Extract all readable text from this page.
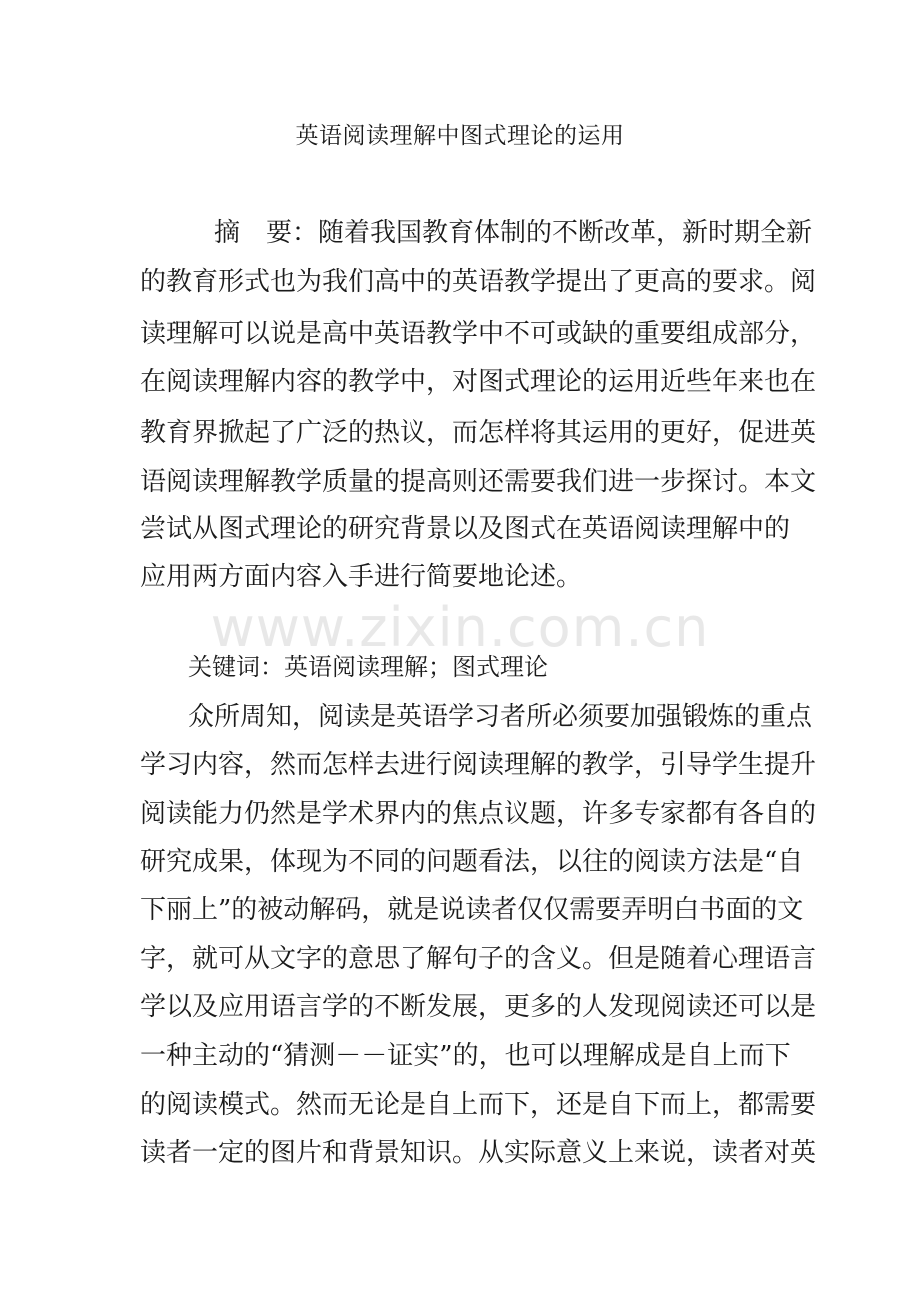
英语阅读理解中图式理论的运用
摘　要：随着我国教育体制的不断改革，新时期全新
的教育形式也为我们高中的英语教学提出了更高的要求。阅
读理解可以说是高中英语教学中不可或缺的重要组成部分，
在阅读理解内容的教学中，对图式理论的运用近些年来也在
教育界掀起了广泛的热议，而怎样将其运用的更好，促进英
语阅读理解教学质量的提高则还需要我们进一步探讨。本文
尝试从图式理论的研究背景以及图式在英语阅读理解中的
应用两方面内容入手进行简要地论述。
www.zixin.com.cn
关键词：英语阅读理解；图式理论
众所周知，阅读是英语学习者所必须要加强锻炼的重点
学习内容，然而怎样去进行阅读理解的教学，引导学生提升
阅读能力仍然是学术界内的焦点议题，许多专家都有各自的
研究成果，体现为不同的问题看法，以往的阅读方法是“自
下丽上”的被动解码，就是说读者仅仅需要弄明白书面的文
字，就可从文字的意思了解句子的含义。但是随着心理语言
学以及应用语言学的不断发展，更多的人发现阅读还可以是
一种主动的“猜测－－证实”的，也可以理解成是自上而下
的阅读模式。然而无论是自上而下，还是自下而上，都需要
读者一定的图片和背景知识。从实际意义上来说，读者对英
